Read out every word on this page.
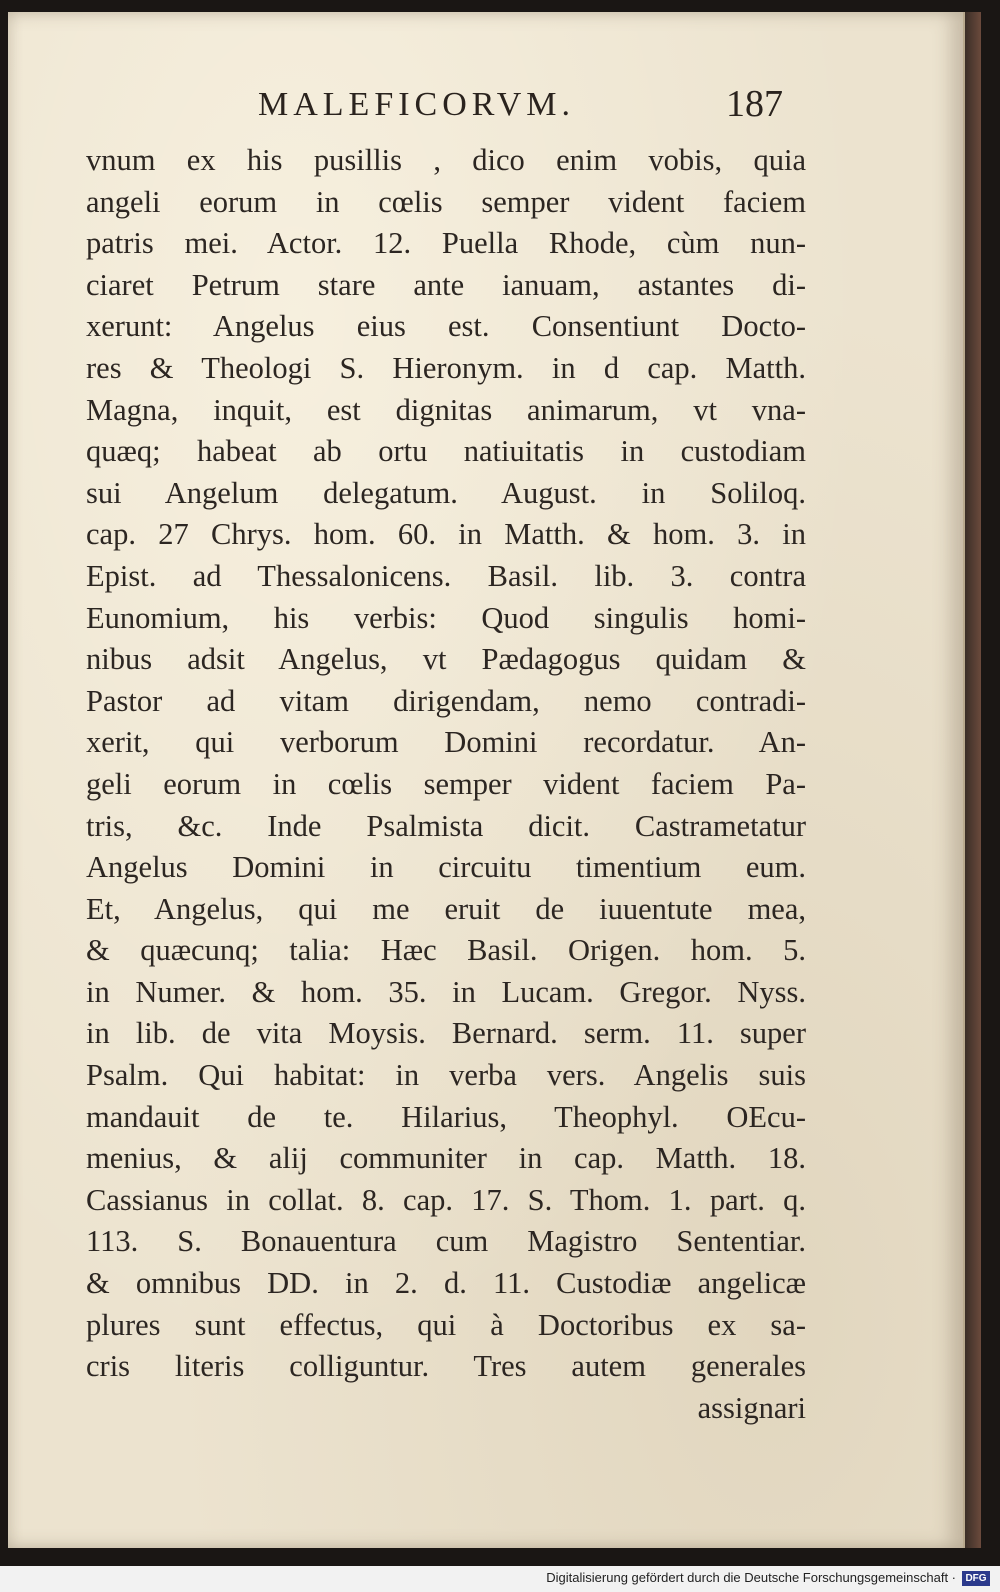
MALEFICORVM.	187
vnum ex his pusillis , dico enim vobis, quia
angeli eorum in cœlis semper vident faciem
patris mei. Actor. 12. Puella Rhode, cùm nun-
ciaret Petrum stare ante ianuam, astantes di-
xerunt: Angelus eius est. Consentiunt Docto-
res & Theologi S. Hieronym. in d cap. Matth.
Magna, inquit, est dignitas animarum, vt vna-
quæq; habeat ab ortu natiuitatis in custodiam
sui Angelum delegatum. August. in Soliloq.
cap. 27 Chrys. hom. 60. in Matth. & hom. 3. in
Epist. ad Thessalonicens. Basil. lib. 3. contra
Eunomium, his verbis: Quod singulis homi-
nibus adsit Angelus, vt Pædagogus quidam &
Pastor ad vitam dirigendam, nemo contradi-
xerit, qui verborum Domini recordatur. An-
geli eorum in cœlis semper vident faciem Pa-
tris, &c. Inde Psalmista dicit. Castrametatur
Angelus Domini in circuitu timentium eum.
Et, Angelus, qui me eruit de iuuentute mea,
& quæcunq; talia: Hæc Basil. Origen. hom. 5.
in Numer. & hom. 35. in Lucam. Gregor. Nyss.
in lib. de vita Moysis. Bernard. serm. 11. super
Psalm. Qui habitat: in verba vers. Angelis suis
mandauit de te. Hilarius, Theophyl. OEcu-
menius, & alij communiter in cap. Matth. 18.
Cassianus in collat. 8. cap. 17. S. Thom. 1. part. q.
113. S. Bonauentura cum Magistro Sententiar.
& omnibus DD. in 2. d. 11. Custodiæ angelicæ
plures sunt effectus, qui à Doctoribus ex sa-
cris literis colliguntur. Tres autem generales
assignari
Digitalisierung gefördert durch die Deutsche Forschungsgemeinschaft · DFG
